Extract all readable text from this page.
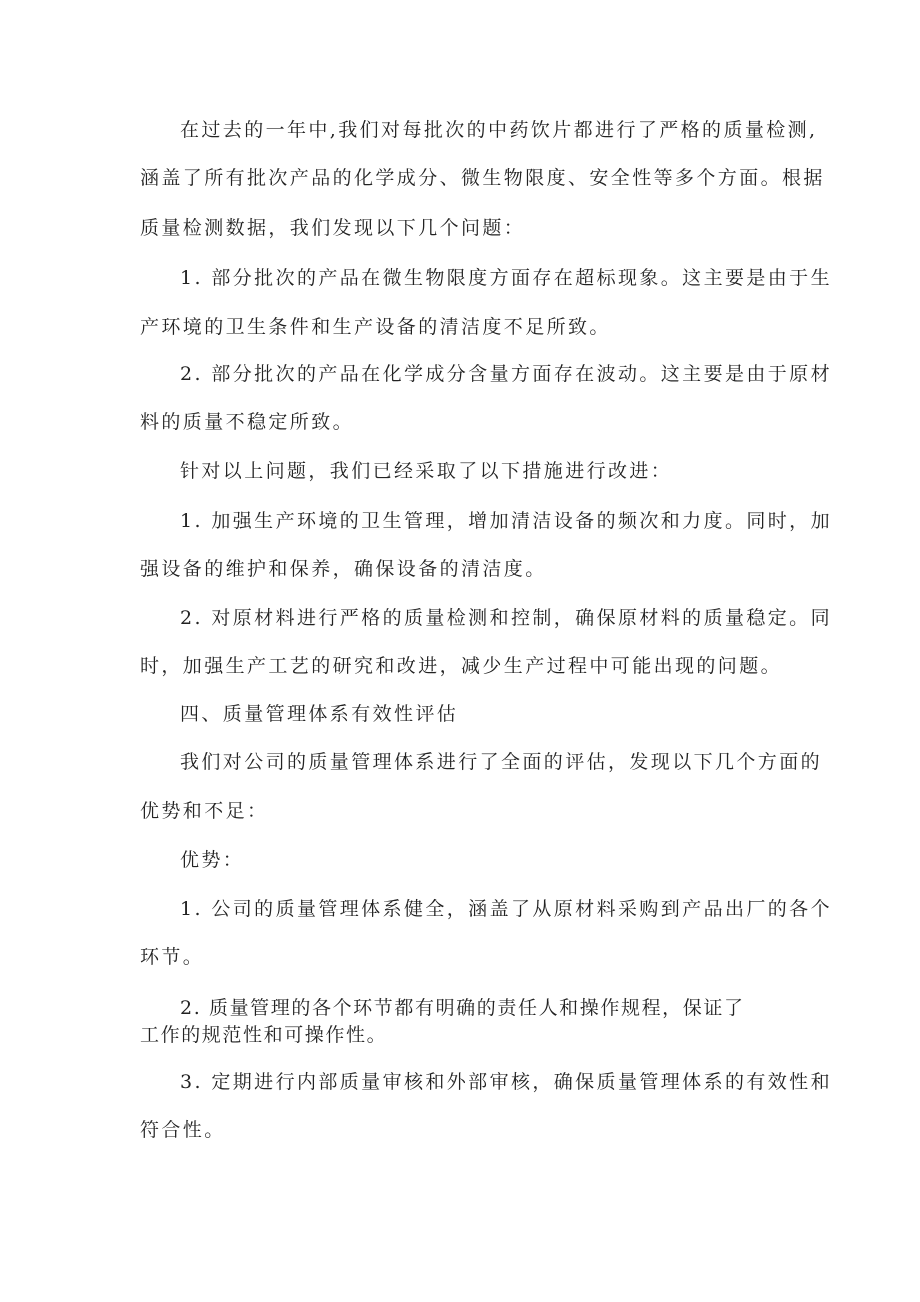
在过去的一年中,我们对每批次的中药饮片都进行了严格的质量检测,
涵盖了所有批次产品的化学成分、微生物限度、安全性等多个方面。根据
质量检测数据，我们发现以下几个问题：
1. 部分批次的产品在微生物限度方面存在超标现象。这主要是由于生
产环境的卫生条件和生产设备的清洁度不足所致。
2. 部分批次的产品在化学成分含量方面存在波动。这主要是由于原材
料的质量不稳定所致。
针对以上问题，我们已经采取了以下措施进行改进：
1. 加强生产环境的卫生管理，增加清洁设备的频次和力度。同时，加
强设备的维护和保养，确保设备的清洁度。
2. 对原材料进行严格的质量检测和控制，确保原材料的质量稳定。同
时，加强生产工艺的研究和改进，减少生产过程中可能出现的问题。
四、质量管理体系有效性评估
我们对公司的质量管理体系进行了全面的评估，发现以下几个方面的
优势和不足：
优势：
1. 公司的质量管理体系健全，涵盖了从原材料采购到产品出厂的各个
环节。
2. 质量管理的各个环节都有明确的责任人和操作规程，保证了
工作的规范性和可操作性。
3. 定期进行内部质量审核和外部审核，确保质量管理体系的有效性和
符合性。
